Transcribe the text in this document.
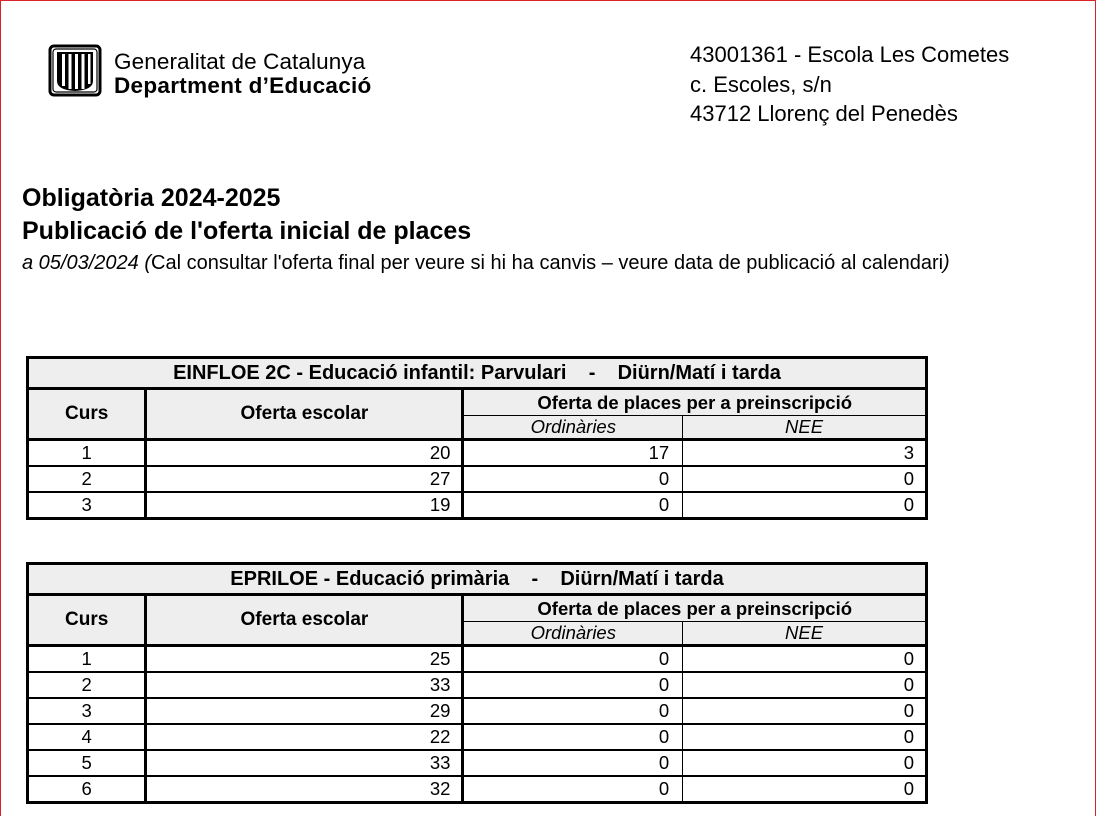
Generalitat de Catalunya
Department d’Educació
43001361 - Escola Les Cometes
c. Escoles, s/n
43712 Llorenç del Penedès
Obligatòria 2024-2025
Publicació de l'oferta inicial de places
a 05/03/2024 (Cal consultar l'oferta final per veure si hi ha canvis – veure data de publicació al calendari)
EINFLOE 2C - Educació infantil: Parvulari    -    Diürn/Matí i tarda			
Curs	Oferta escolar	Oferta de places per a preinscripció	
		Ordinàries	NEE
1	20	17	3
2	27	0	0
3	19	0	0
EPRILOE - Educació primària    -    Diürn/Matí i tarda			
Curs	Oferta escolar	Oferta de places per a preinscripció	
		Ordinàries	NEE
1	25	0	0
2	33	0	0
3	29	0	0
4	22	0	0
5	33	0	0
6	32	0	0
